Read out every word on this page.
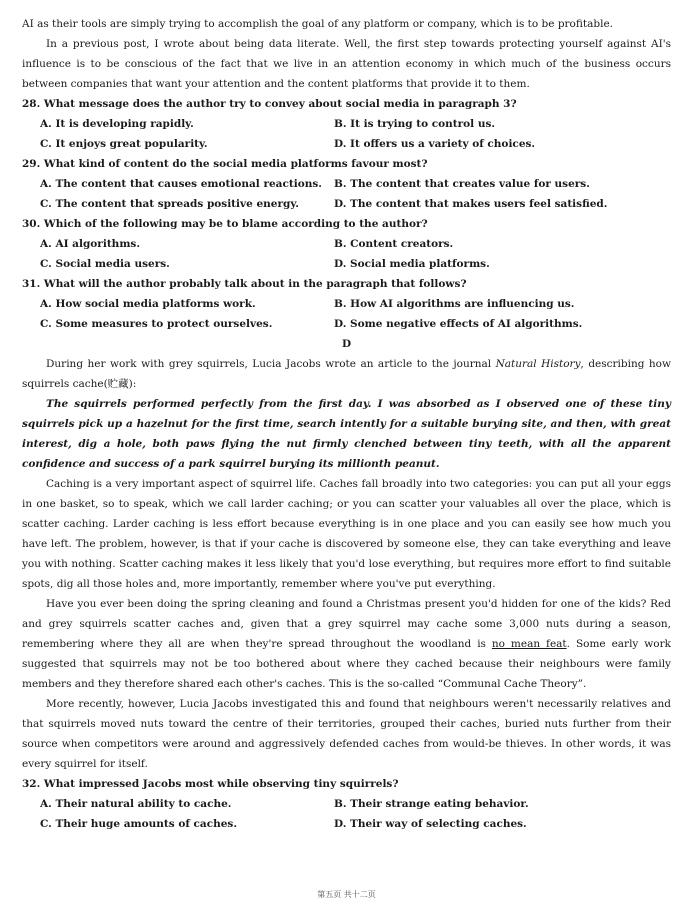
AI as their tools are simply trying to accomplish the goal of any platform or company, which is to be profitable.
In a previous post, I wrote about being data literate. Well, the first step towards protecting yourself against AI's influence is to be conscious of the fact that we live in an attention economy in which much of the business occurs between companies that want your attention and the content platforms that provide it to them.
28. What message does the author try to convey about social media in paragraph 3?
A. It is developing rapidly.	B. It is trying to control us.
C. It enjoys great popularity.	D. It offers us a variety of choices.
29. What kind of content do the social media platforms favour most?
A. The content that causes emotional reactions.	B. The content that creates value for users.
C. The content that spreads positive energy.	D. The content that makes users feel satisfied.
30. Which of the following may be to blame according to the author?
A. AI algorithms.	B. Content creators.
C. Social media users.	D. Social media platforms.
31. What will the author probably talk about in the paragraph that follows?
A. How social media platforms work.	B. How AI algorithms are influencing us.
C. Some measures to protect ourselves.	D. Some negative effects of AI algorithms.
D
During her work with grey squirrels, Lucia Jacobs wrote an article to the journal Natural History, describing how squirrels cache(贮藏):
The squirrels performed perfectly from the first day. I was absorbed as I observed one of these tiny squirrels pick up a hazelnut for the first time, search intently for a suitable burying site, and then, with great interest, dig a hole, both paws flying the nut firmly clenched between tiny teeth, with all the apparent confidence and success of a park squirrel burying its millionth peanut.
Caching is a very important aspect of squirrel life. Caches fall broadly into two categories: you can put all your eggs in one basket, so to speak, which we call larder caching; or you can scatter your valuables all over the place, which is scatter caching. Larder caching is less effort because everything is in one place and you can easily see how much you have left. The problem, however, is that if your cache is discovered by someone else, they can take everything and leave you with nothing. Scatter caching makes it less likely that you'd lose everything, but requires more effort to find suitable spots, dig all those holes and, more importantly, remember where you've put everything.
Have you ever been doing the spring cleaning and found a Christmas present you'd hidden for one of the kids? Red and grey squirrels scatter caches and, given that a grey squirrel may cache some 3,000 nuts during a season, remembering where they all are when they're spread throughout the woodland is no mean feat. Some early work suggested that squirrels may not be too bothered about where they cached because their neighbours were family members and they therefore shared each other's caches. This is the so-called “Communal Cache Theory”.
More recently, however, Lucia Jacobs investigated this and found that neighbours weren't necessarily relatives and that squirrels moved nuts toward the centre of their territories, grouped their caches, buried nuts further from their source when competitors were around and aggressively defended caches from would-be thieves. In other words, it was every squirrel for itself.
32. What impressed Jacobs most while observing tiny squirrels?
A. Their natural ability to cache.	B. Their strange eating behavior.
C. Their huge amounts of caches.	D. Their way of selecting caches.
第五页 共十二页
